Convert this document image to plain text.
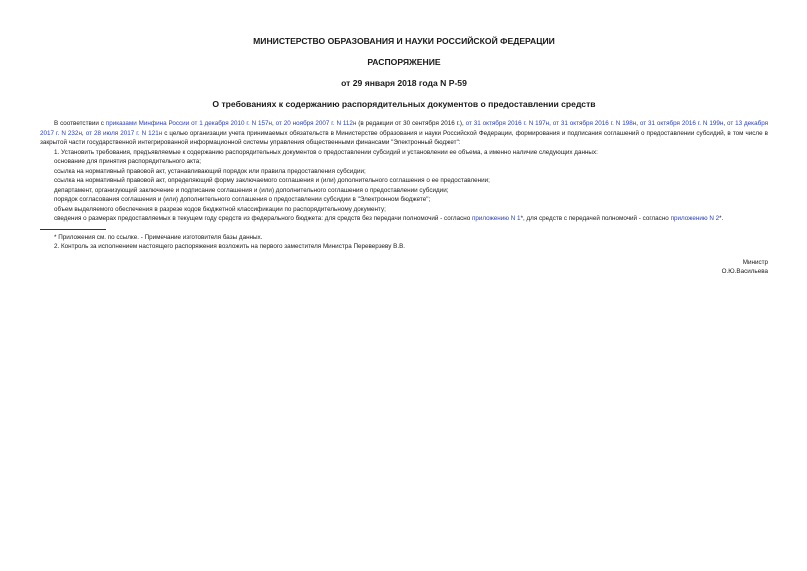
МИНИСТЕРСТВО ОБРАЗОВАНИЯ И НАУКИ РОССИЙСКОЙ ФЕДЕРАЦИИ

РАСПОРЯЖЕНИЕ

от 29 января 2018 года N Р-59

О требованиях к содержанию распорядительных документов о предоставлении средств

В соответствии с приказами Минфина России от 1 декабря 2010 г. N 157н, от 20 ноября 2007 г. N 112н (в редакции от 30 сентября 2016 г.), от 31 октября 2016 г. N 197н, от 31 октября 2016 г. N 198н, от 31 октября 2016 г. N 199н, от 13 декабря 2017 г. N 232н, от 28 июля 2017 г. N 121н с целью организации учета принимаемых обязательств в Министерстве образования и науки Российской Федерации, формирования и подписания соглашений о предоставлении субсидий, в том числе в закрытой части государственной интегрированной информационной системы управления общественными финансами "Электронный бюджет":

1. Установить требования, предъявляемые к содержанию распорядительных документов о предоставлении субсидий и установлении ее объема, а именно наличие следующих данных:

основание для принятия распорядительного акта;

ссылка на нормативный правовой акт, устанавливающий порядок или правила предоставления субсидии;

ссылка на нормативный правовой акт, определяющий форму заключаемого соглашения и (или) дополнительного соглашения о ее предоставлении;

департамент, организующий заключение и подписание соглашения и (или) дополнительного соглашения о предоставлении субсидии;

порядок согласования соглашения и (или) дополнительного соглашения о предоставлении субсидии в "Электронном бюджете";

объем выделяемого обеспечения в разрезе кодов бюджетной классификации по распорядительному документу;

сведения о размерах предоставляемых в текущем году средств из федерального бюджета: для средств без передачи полномочий - согласно приложению N 1*, для средств с передачей полномочий - согласно приложению N 2*.

* Приложения см. по ссылке. - Примечание изготовителя базы данных.

2. Контроль за исполнением настоящего распоряжения возложить на первого заместителя Министра Переверзеву В.В.

Министр

О.Ю.Васильева
